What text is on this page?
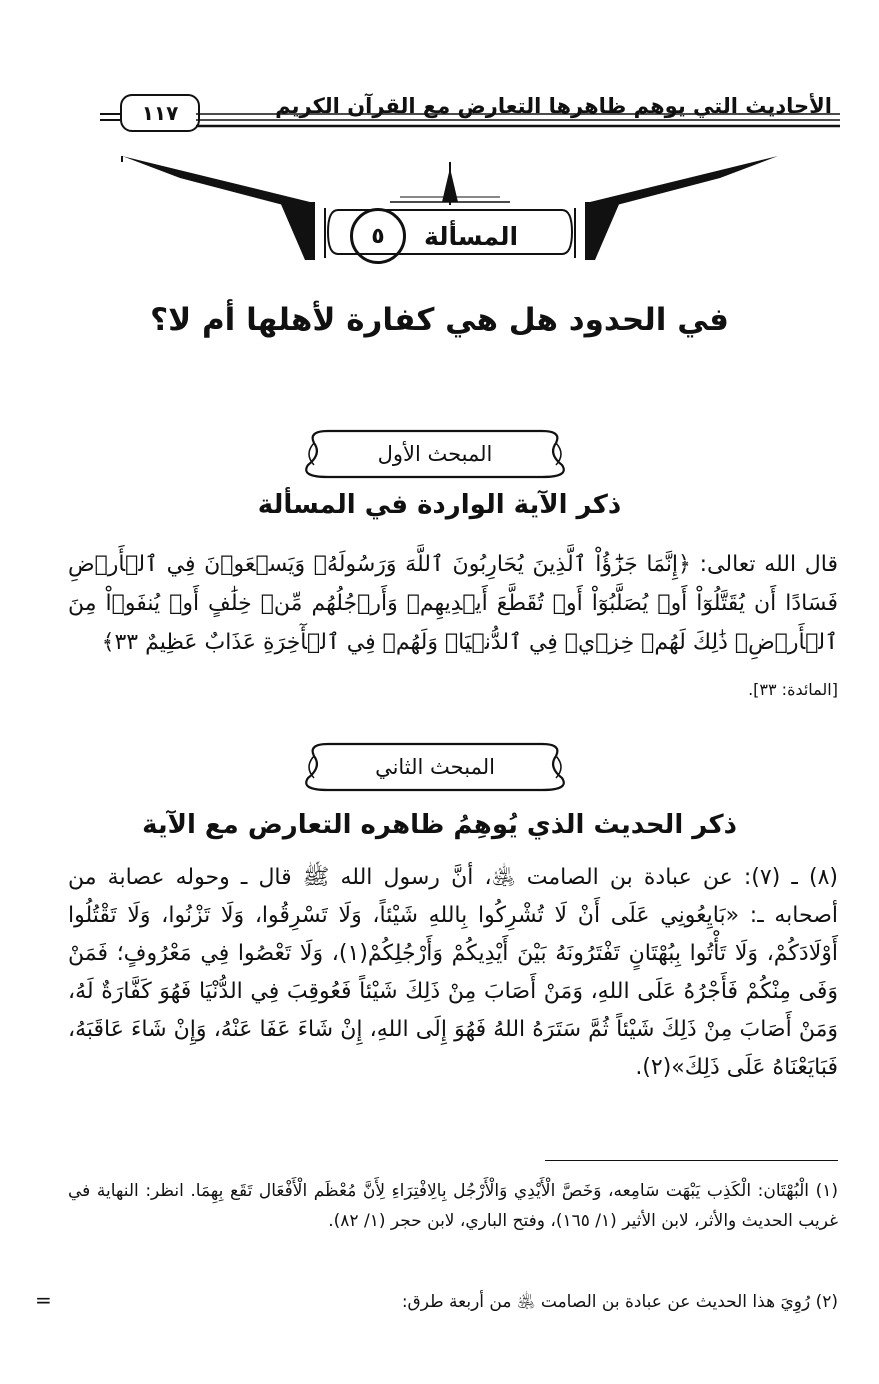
١١٧	الأحاديث التي يوهم ظاهرها التعارض مع القرآن الكريم
المسألة
٥
في الحدود هل هي كفارة لأهلها أم لا؟
المبحث الأول
ذكر الآية الواردة في المسألة
قال الله تعالى: ﴿إِنَّمَا جَزَٰٓؤُاْ ٱلَّذِينَ يُحَارِبُونَ ٱللَّهَ وَرَسُولَهُۥ وَيَسۡعَوۡنَ فِي ٱلۡأَرۡضِ فَسَادًا أَن يُقَتَّلُوٓاْ أَوۡ يُصَلَّبُوٓاْ أَوۡ تُقَطَّعَ أَيۡدِيهِمۡ وَأَرۡجُلُهُم مِّنۡ خِلَٰفٍ أَوۡ يُنفَوۡاْ مِنَ ٱلۡأَرۡضِۚ ذَٰلِكَ لَهُمۡ خِزۡيٞ فِي ٱلدُّنۡيَاۖ وَلَهُمۡ فِي ٱلۡأٓخِرَةِ عَذَابٌ عَظِيمٌ ٣٣﴾
[المائدة: ٣٣].
المبحث الثاني
ذكر الحديث الذي يُوهِمُ ظاهره التعارض مع الآية
(٨) ـ (٧): عن عبادة بن الصامت ﵁، أنَّ رسول الله ﷺ قال ـ وحوله عصابة من أصحابه ـ: «بَايِعُونِي عَلَى أَنْ لَا تُشْرِكُوا بِاللهِ شَيْئاً، وَلَا تَسْرِقُوا، وَلَا تَزْنُوا، وَلَا تَقْتُلُوا أَوْلَادَكُمْ، وَلَا تَأْتُوا بِبُهْتَانٍ تَفْتَرُونَهُ بَيْنَ أَيْدِيكُمْ وَأَرْجُلِكُمْ(١)، وَلَا تَعْصُوا فِي مَعْرُوفٍ؛ فَمَنْ وَفَى مِنْكُمْ فَأَجْرُهُ عَلَى اللهِ، وَمَنْ أَصَابَ مِنْ ذَلِكَ شَيْئاً فَعُوقِبَ فِي الدُّنْيَا فَهُوَ كَفَّارَةٌ لَهُ، وَمَنْ أَصَابَ مِنْ ذَلِكَ شَيْئاً ثُمَّ سَتَرَهُ اللهُ فَهُوَ إِلَى اللهِ، إِنْ شَاءَ عَفَا عَنْهُ، وَإِنْ شَاءَ عَاقَبَهُ، فَبَايَعْنَاهُ عَلَى ذَلِكَ»(٢).
(١) الْبُهْتَان: الْكَذِب يَبْهَت سَامِعه، وَخَصَّ الْأَيْدِي وَالْأَرْجُل بِالِافْتِرَاءِ لِأَنَّ مُعْظَم الْأَفْعَال تَقَع بِهِمَا. انظر: النهاية في غريب الحديث والأثر، لابن الأثير (١/ ١٦٥)، وفتح الباري، لابن حجر (١/ ٨٢).
(٢) رُوِيَ هذا الحديث عن عبادة بن الصامت ﵁ من أربعة طرق:
=
